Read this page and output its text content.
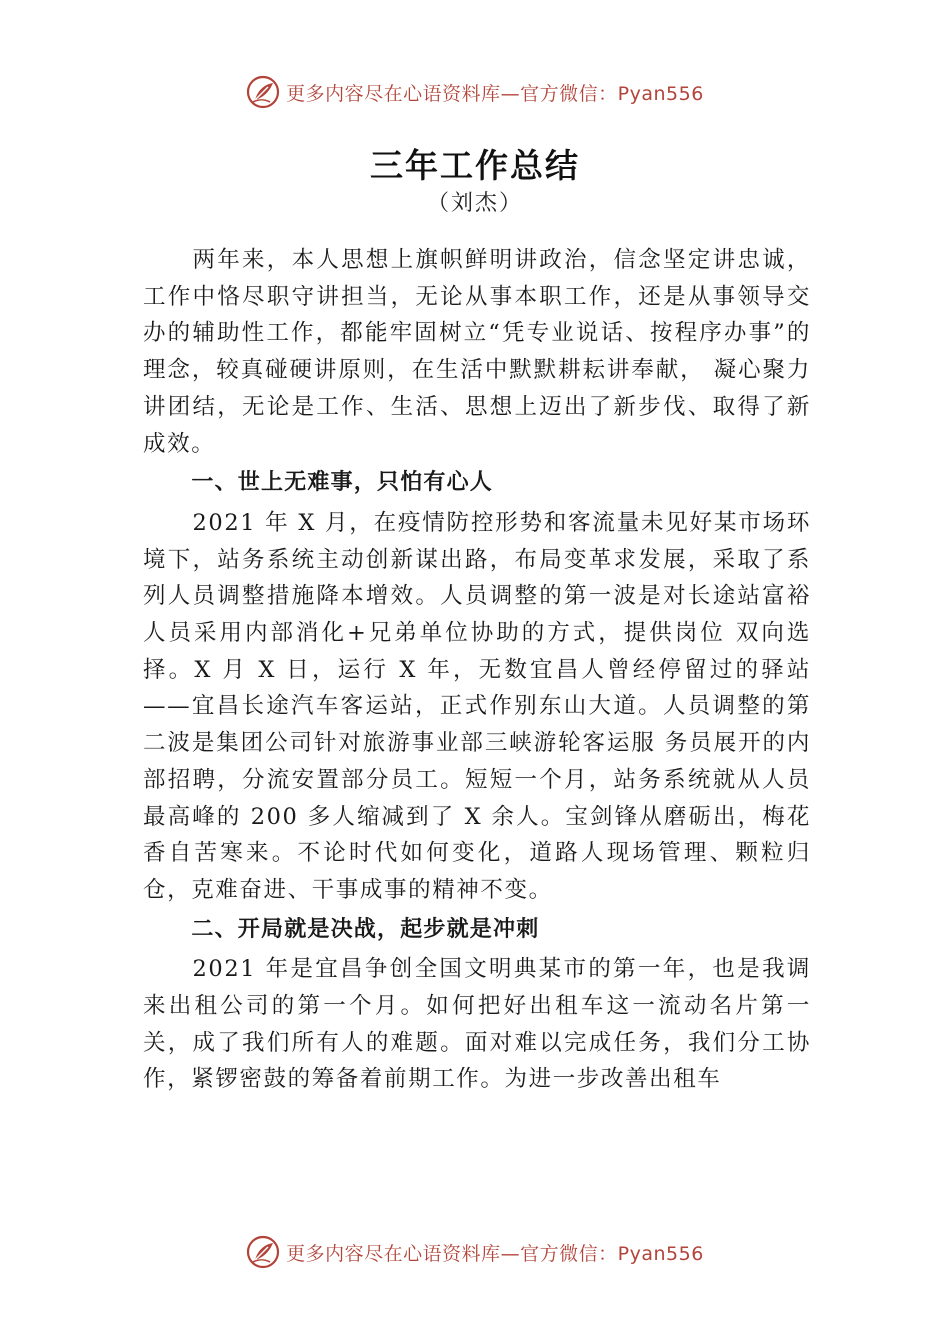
更多内容尽在心语资料库—官方微信：Pyan556
三年工作总结
（刘杰）

两年来，本人思想上旗帜鲜明讲政治，信念坚定讲忠诚，工作中恪尽职守讲担当，无论从事本职工作，还是从事领导交办的辅助性工作，都能牢固树立“凭专业说话、按程序办事”的理念，较真碰硬讲原则，在生活中默默耕耘讲奉献， 凝心聚力讲团结，无论是工作、生活、思想上迈出了新步伐、取得了新成效。

一、世上无难事，只怕有心人

2021 年 X 月，在疫情防控形势和客流量未见好某市场环境下，站务系统主动创新谋出路，布局变革求发展，采取了系列人员调整措施降本增效。人员调整的第一波是对长途站富裕人员采用内部消化+兄弟单位协助的方式，提供岗位 双向选择。X 月 X 日，运行 X 年，无数宜昌人曾经停留过的驿站——宜昌长途汽车客运站，正式作别东山大道。人员调整的第二波是集团公司针对旅游事业部三峡游轮客运服 务员展开的内部招聘，分流安置部分员工。短短一个月，站务系统就从人员最高峰的 200 多人缩减到了 X 余人。宝剑锋从磨砺出，梅花香自苦寒来。不论时代如何变化，道路人现场管理、颗粒归仓，克难奋进、干事成事的精神不变。

二、开局就是决战，起步就是冲刺

2021 年是宜昌争创全国文明典某市的第一年，也是我调来出租公司的第一个月。如何把好出租车这一流动名片第一关，成了我们所有人的难题。面对难以完成任务，我们分工协作，紧锣密鼓的筹备着前期工作。为进一步改善出租车

更多内容尽在心语资料库—官方微信：Pyan556
